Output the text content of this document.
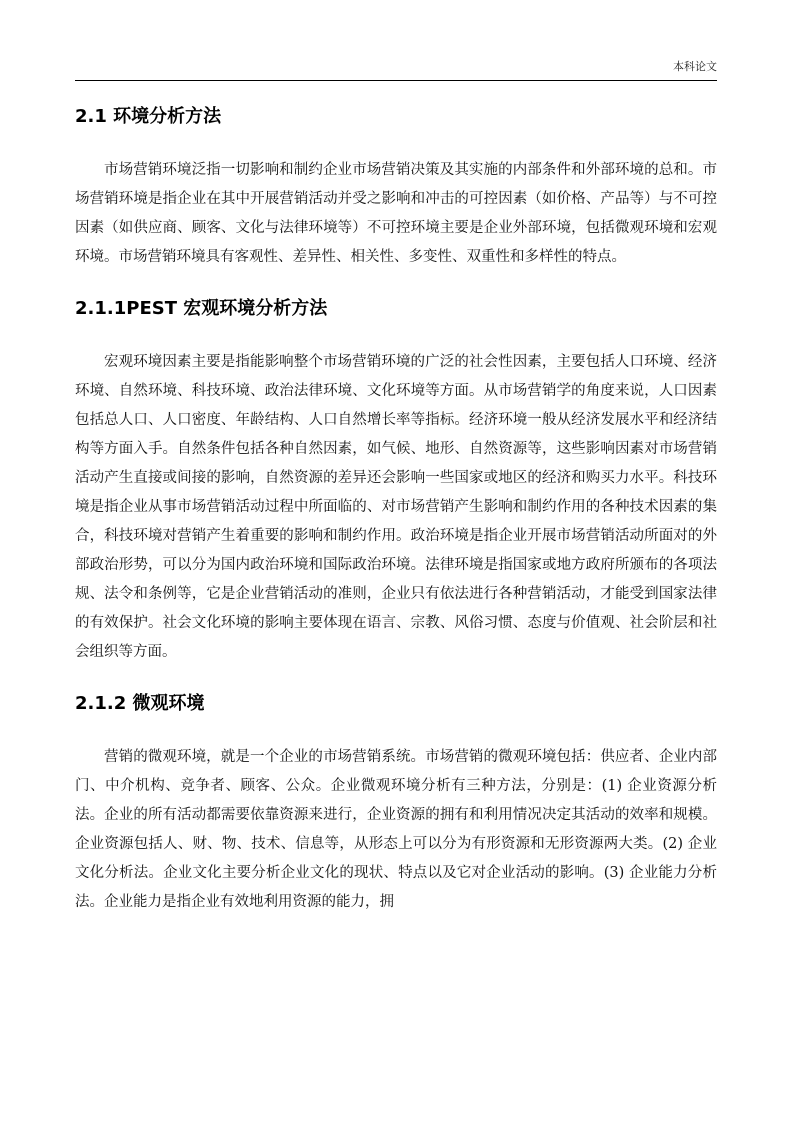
本科论文
2.1 环境分析方法

市场营销环境泛指一切影响和制约企业市场营销决策及其实施的内部条件和外部环境的总和。市场营销环境是指企业在其中开展营销活动并受之影响和冲击的可控因素（如价格、产品等）与不可控因素（如供应商、顾客、文化与法律环境等）不可控环境主要是企业外部环境，包括微观环境和宏观环境。市场营销环境具有客观性、差异性、相关性、多变性、双重性和多样性的特点。

2.1.1PEST 宏观环境分析方法

宏观环境因素主要是指能影响整个市场营销环境的广泛的社会性因素，主要包括人口环境、经济环境、自然环境、科技环境、政治法律环境、文化环境等方面。从市场营销学的角度来说，人口因素包括总人口、人口密度、年龄结构、人口自然增长率等指标。经济环境一般从经济发展水平和经济结构等方面入手。自然条件包括各种自然因素，如气候、地形、自然资源等，这些影响因素对市场营销活动产生直接或间接的影响，自然资源的差异还会影响一些国家或地区的经济和购买力水平。科技环境是指企业从事市场营销活动过程中所面临的、对市场营销产生影响和制约作用的各种技术因素的集合，科技环境对营销产生着重要的影响和制约作用。政治环境是指企业开展市场营销活动所面对的外部政治形势，可以分为国内政治环境和国际政治环境。法律环境是指国家或地方政府所颁布的各项法规、法令和条例等，它是企业营销活动的准则，企业只有依法进行各种营销活动，才能受到国家法律的有效保护。社会文化环境的影响主要体现在语言、宗教、风俗习惯、态度与价值观、社会阶层和社会组织等方面。

2.1.2 微观环境

营销的微观环境，就是一个企业的市场营销系统。市场营销的微观环境包括：供应者、企业内部门、中介机构、竞争者、顾客、公众。企业微观环境分析有三种方法，分别是：(1) 企业资源分析法。企业的所有活动都需要依靠资源来进行，企业资源的拥有和利用情况决定其活动的效率和规模。企业资源包括人、财、物、技术、信息等，从形态上可以分为有形资源和无形资源两大类。(2) 企业文化分析法。企业文化主要分析企业文化的现状、特点以及它对企业活动的影响。(3) 企业能力分析法。企业能力是指企业有效地利用资源的能力，拥
